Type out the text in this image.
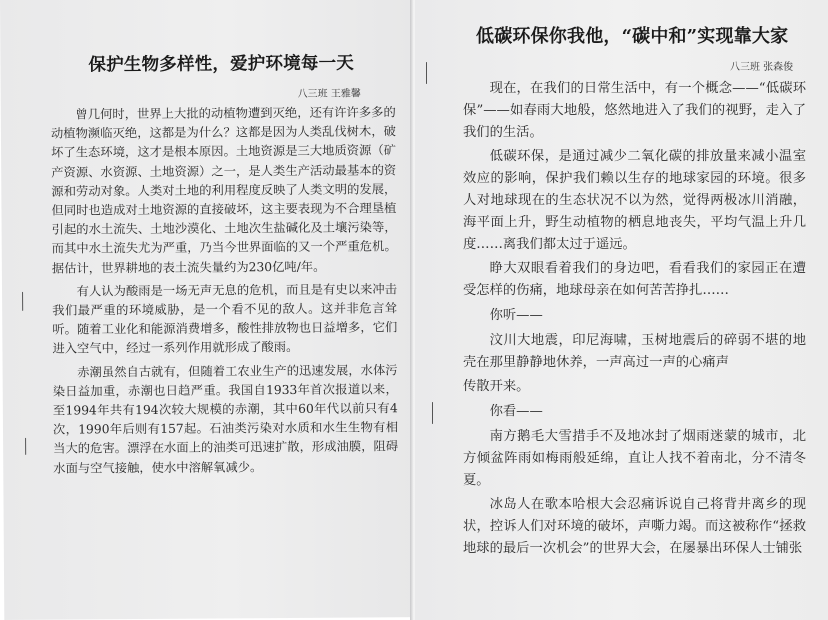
保护生物多样性，爱护环境每一天
八三班 王雅馨

曾几何时，世界上大批的动植物遭到灭绝，还有许许多多的动植物濒临灭绝，这都是为什么？这都是因为人类乱伐树木，破坏了生态环境，这才是根本原因。土地资源是三大地质资源（矿产资源、水资源、土地资源）之一，是人类生产活动最基本的资源和劳动对象。人类对土地的利用程度反映了人类文明的发展，但同时也造成对土地资源的直接破坏，这主要表现为不合理垦植引起的水土流失、土地沙漠化、土地次生盐碱化及土壤污染等，而其中水土流失尤为严重，乃当今世界面临的又一个严重危机。据估计，世界耕地的表土流失量约为230亿吨/年。

有人认为酸雨是一场无声无息的危机，而且是有史以来冲击我们最严重的环境威胁，是一个看不见的敌人。这并非危言耸听。随着工业化和能源消费增多，酸性排放物也日益增多，它们进入空气中，经过一系列作用就形成了酸雨。

赤潮虽然自古就有，但随着工农业生产的迅速发展，水体污染日益加重，赤潮也日趋严重。我国自1933年首次报道以来，至1994年共有194次较大规模的赤潮，其中60年代以前只有4次，1990年后则有157起。石油类污染对水质和水生生物有相当大的危害。漂浮在水面上的油类可迅速扩散，形成油膜，阻碍水面与空气接触，使水中溶解氧减少。

低碳环保你我他，“碳中和”实现靠大家
八三班 张森俊

现在，在我们的日常生活中，有一个概念——“低碳环保”——如春雨大地般，悠然地进入了我们的视野，走入了我们的生活。

低碳环保，是通过减少二氧化碳的排放量来减小温室效应的影响，保护我们赖以生存的地球家园的环境。很多人对地球现在的生态状况不以为然，觉得两极冰川消融，海平面上升，野生动植物的栖息地丧失，平均气温上升几度……离我们都太过于遥远。

睁大双眼看着我们的身边吧，看看我们的家园正在遭受怎样的伤痛，地球母亲在如何苦苦挣扎……

你听——

汶川大地震，印尼海啸，玉树地震后的碎弱不堪的地壳在那里静静地休养，一声高过一声的心痛声

传散开来。

你看——

南方鹅毛大雪措手不及地冰封了烟雨迷蒙的城市，北方倾盆阵雨如梅雨般延绵，直让人找不着南北，分不清冬夏。

冰岛人在歌本哈根大会忍痛诉说自己将背井离乡的现状，控诉人们对环境的破坏，声嘶力竭。而这被称作“拯救地球的最后一次机会”的世界大会，在屡暴出环保人士铺张
